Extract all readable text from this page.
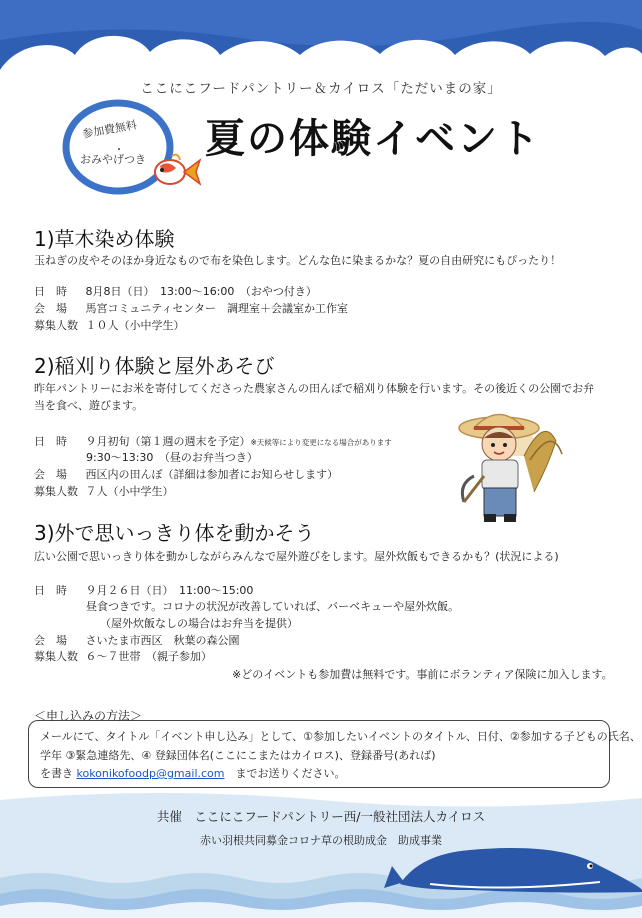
ここにこフードパントリー＆カイロス「ただいまの家」
参加費無料
・
おみやげつき 夏の体験イベント
1)草木染め体験
玉ねぎの皮やそのほか身近なもので布を染色します。どんな色に染まるかな？夏の自由研究にもぴったり！
日　時 8月8日（日）　13:00～16:00　（おやつ付き）
会　場 馬宮コミュニティセンター　調理室＋会議室か工作室
募集人数 １０人（小中学生）
2)稲刈り体験と屋外あそび
昨年パントリーにお米を寄付してくださった農家さんの田んぼで稲刈り体験を行います。その後近くの公園でお弁
当を食べ、遊びます。
日　時 ９月初旬（第１週の週末を予定）※天候等により変更になる場合があります
9:30～13:30　（昼のお弁当つき）
会　場 西区内の田んぼ（詳細は参加者にお知らせします）
募集人数 ７人（小中学生）
3)外で思いっきり体を動かそう
広い公園で思いっきり体を動かしながらみんなで屋外遊びをします。屋外炊飯もできるかも？(状況による)
日　時 ９月２６日（日）　11:00～15:00
昼食つきです。コロナの状況が改善していれば、バーベキューや屋外炊飯。
（屋外炊飯なしの場合はお弁当を提供）
会　場 さいたま市西区　秋葉の森公園
募集人数 ６～７世帯　（親子参加）
※どのイベントも参加費は無料です。事前にボランティア保険に加入します。
＜申し込みの方法＞
メールにて、タイトル「イベント申し込み」として、①参加したいイベントのタイトル、日付、②参加する子どもの氏名、
学年 ③緊急連絡先、④ 登録団体名(ここにこまたはカイロス)、登録番号(あれば)
を書き kokonikofoodp@gmail.com　までお送りください。
共催　ここにこフードパントリー西/一般社団法人カイロス
赤い羽根共同募金コロナ草の根助成金　助成事業
